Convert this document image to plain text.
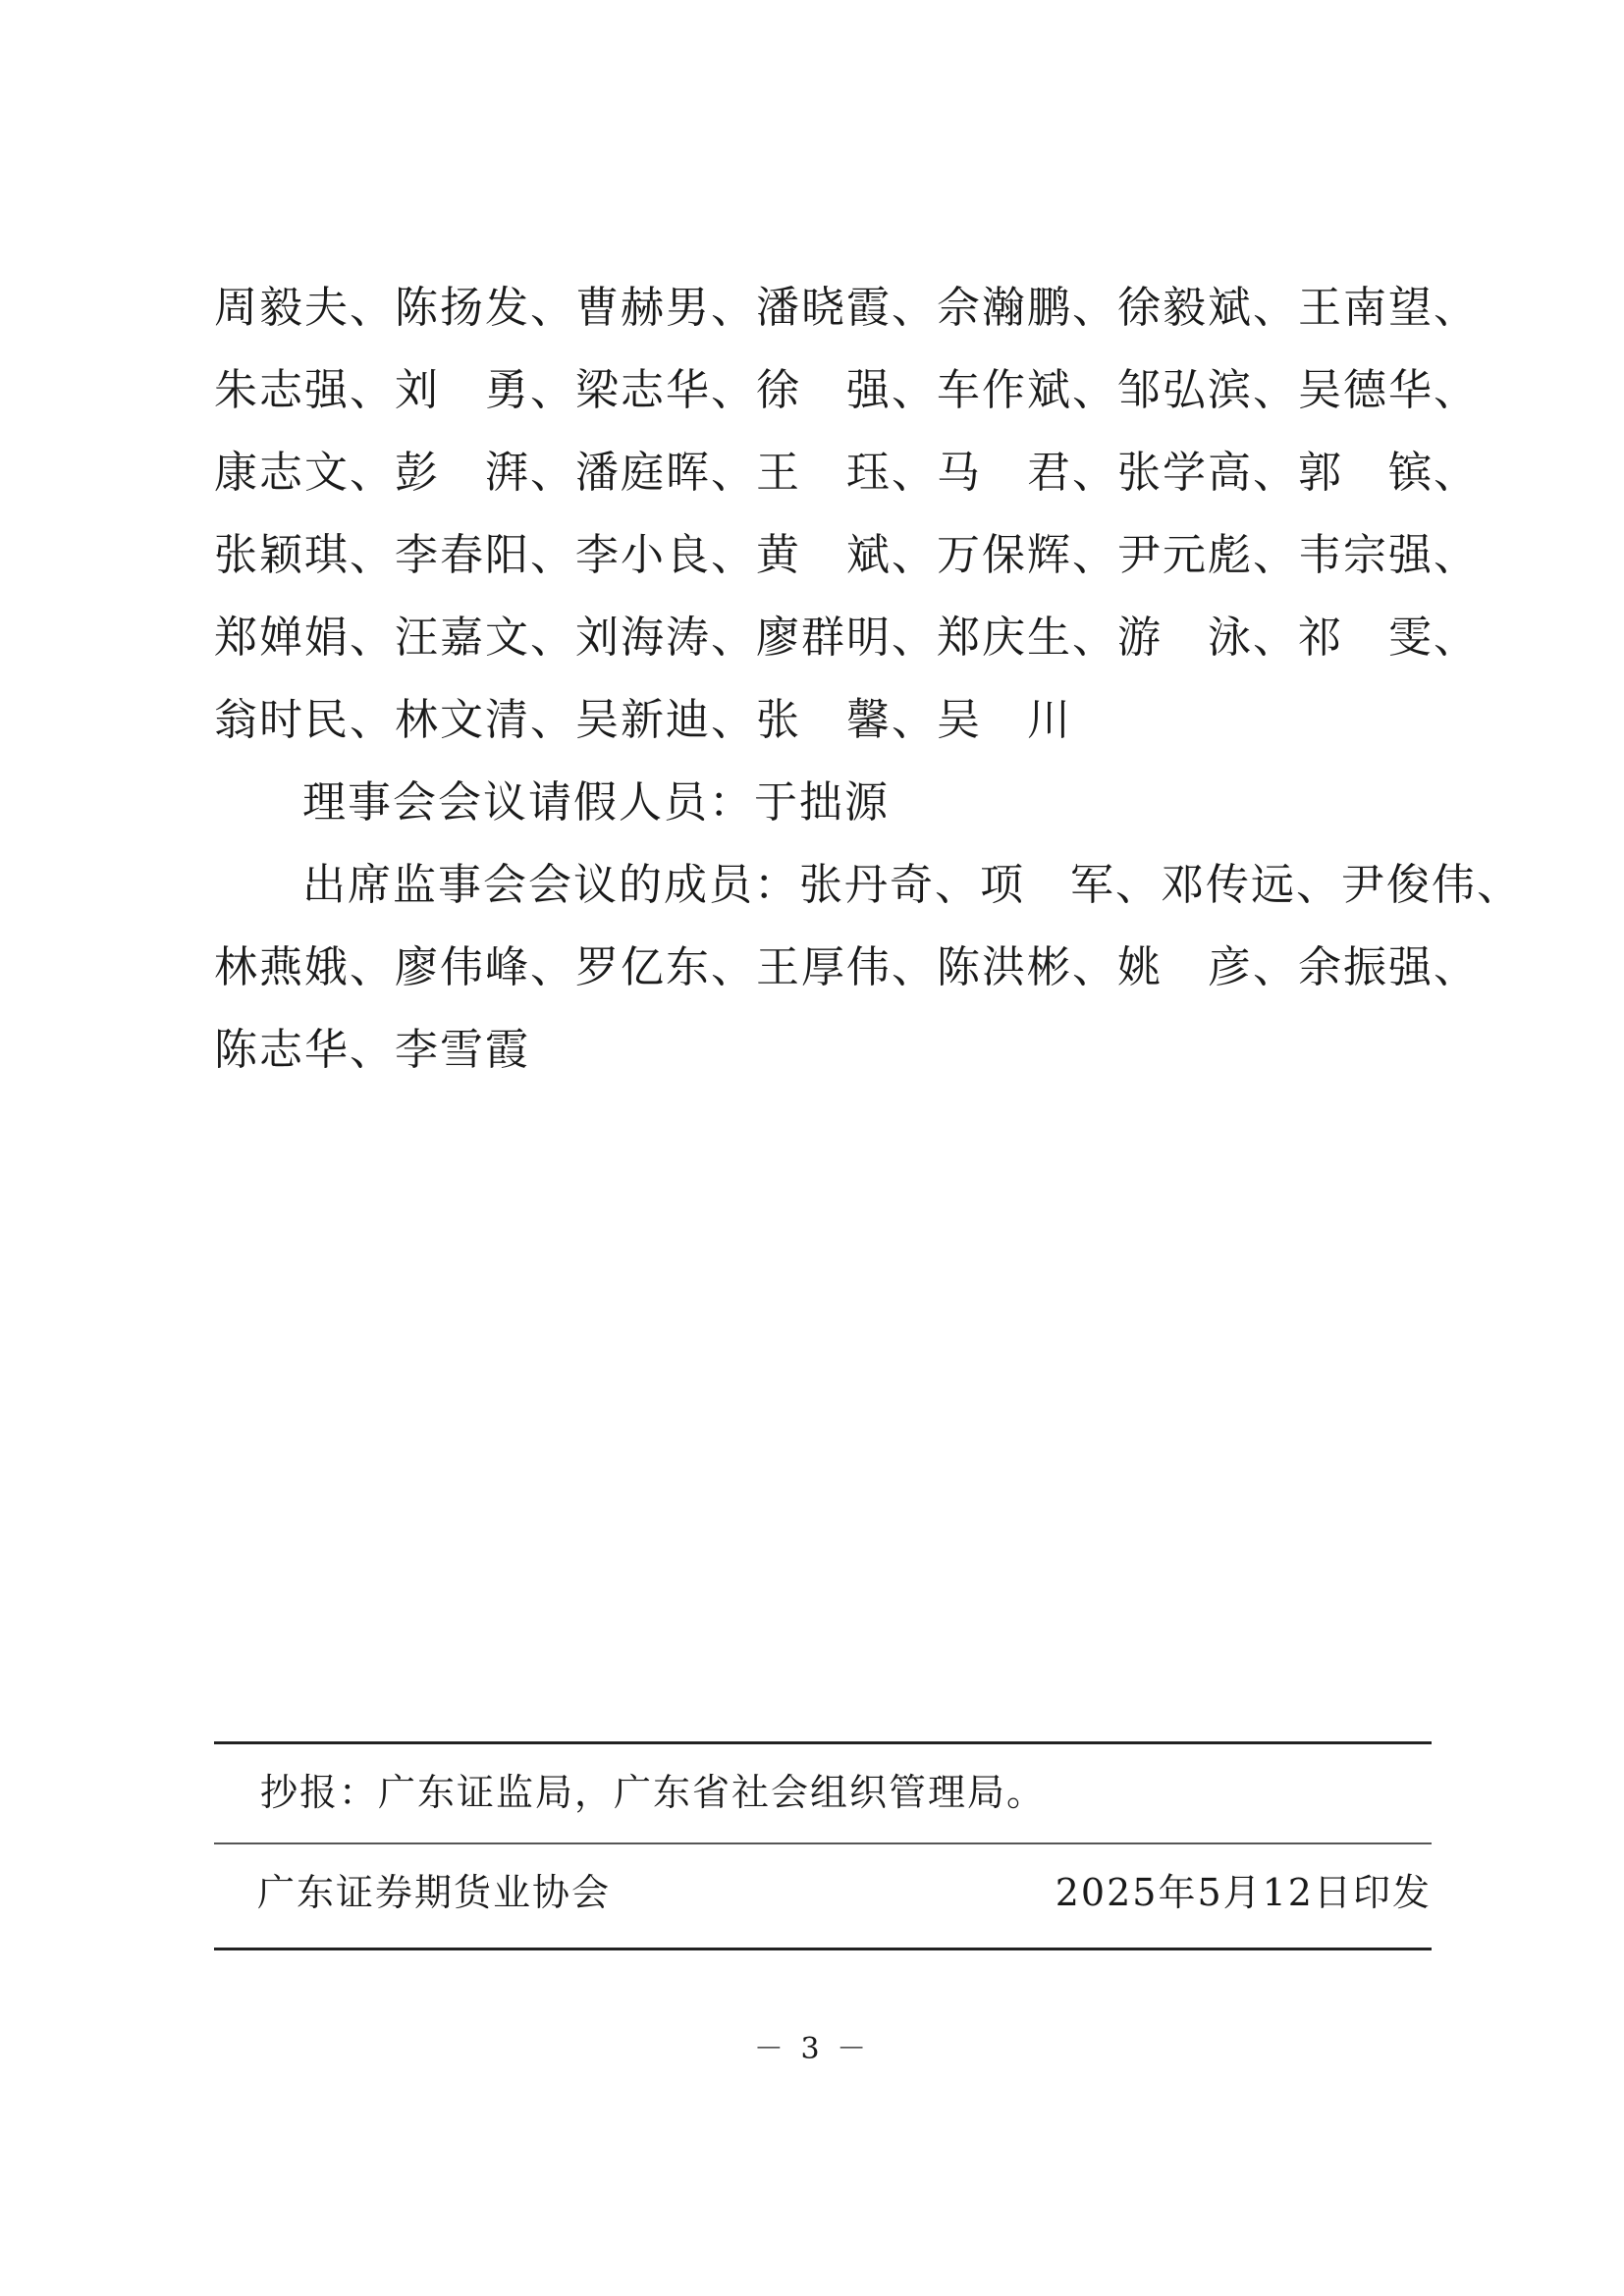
周毅夫、陈扬发、曹赫男、潘晓霞、佘瀚鹏、徐毅斌、王南望、
朱志强、刘　勇、梁志华、徐　强、车作斌、邹弘滨、吴德华、
康志文、彭　湃、潘庭晖、王　珏、马　君、张学高、郭　镔、
张颖琪、李春阳、李小良、黄　斌、万保辉、尹元彪、韦宗强、
郑婵娟、汪嘉文、刘海涛、廖群明、郑庆生、游　泳、祁　雯、
翁时民、林文清、吴新迪、张　馨、吴　川
理事会会议请假人员：于拙源
出席监事会会议的成员：张丹奇、项　军、邓传远、尹俊伟、
林燕娥、廖伟峰、罗亿东、王厚伟、陈洪彬、姚　彦、余振强、
陈志华、李雪霞
抄报：广东证监局，广东省社会组织管理局。
广东证券期货业协会	2025年5月12日印发
－ 3 －
